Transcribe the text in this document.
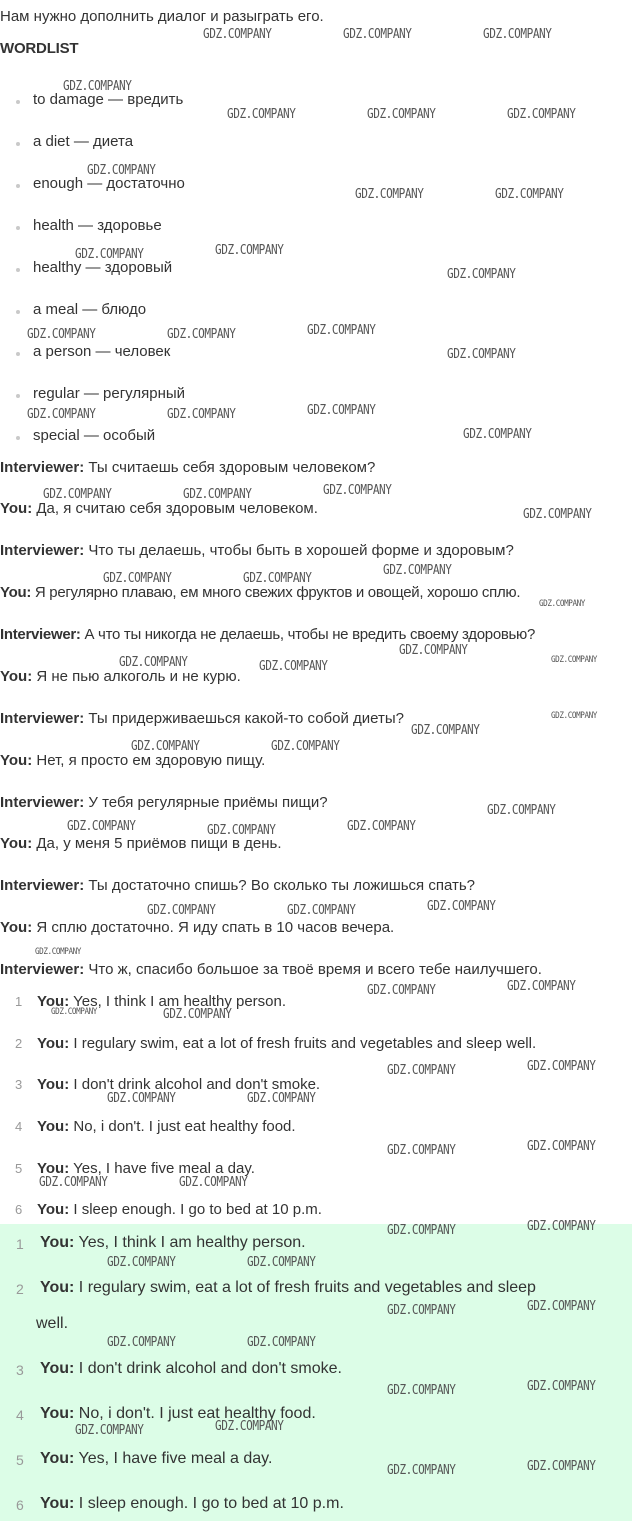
Нам нужно дополнить диалог и разыграть его.
WORDLIST
to damage — вредить
a diet — диета
enough — достаточно
health — здоровье
healthy — здоровый
a meal — блюдо
a person — человек
regular — регулярный
special — особый
Interviewer: Ты считаешь себя здоровым человеком?
You: Да, я считаю себя здоровым человеком.
Interviewer: Что ты делаешь, чтобы быть в хорошей форме и здоровым?
You: Я регулярно плаваю, ем много свежих фруктов и овощей, хорошо сплю.
Interviewer: А что ты никогда не делаешь, чтобы не вредить своему здоровью?
You: Я не пью алкоголь и не курю.
Interviewer: Ты придерживаешься какой-то собой диеты?
You: Нет, я просто ем здоровую пищу.
Interviewer: У тебя регулярные приёмы пищи?
You: Да, у меня 5 приёмов пищи в день.
Interviewer: Ты достаточно спишь? Во сколько ты ложишься спать?
You: Я сплю достаточно. Я иду спать в 10 часов вечера.
Interviewer: Что ж, спасибо большое за твоё время и всего тебе наилучшего.
1 You: Yes, I think I am healthy person.
2 You: I regulary swim, eat a lot of fresh fruits and vegetables and sleep well.
3 You: I don't drink alcohol and don't smoke.
4 You: No, i don't. I just eat healthy food.
5 You: Yes, I have five meal a day.
6 You: I sleep enough. I go to bed at 10 p.m.
1 You: Yes, I think I am healthy person.
2 You: I regulary swim, eat a lot of fresh fruits and vegetables and sleep
well.
3 You: I don't drink alcohol and don't smoke.
4 You: No, i don't. I just eat healthy food.
5 You: Yes, I have five meal a day.
6 You: I sleep enough. I go to bed at 10 p.m.
GDZ.COMPANY	GDZ.COMPANY	GDZ.COMPANY
GDZ.COMPANY
GDZ.COMPANY	GDZ.COMPANY	GDZ.COMPANY
GDZ.COMPANY
GDZ.COMPANY	GDZ.COMPANY
GDZ.COMPANY
GDZ.COMPANY
GDZ.COMPANY
GDZ.COMPANY
GDZ.COMPANY	GDZ.COMPANY
GDZ.COMPANY
GDZ.COMPANY
GDZ.COMPANY	GDZ.COMPANY
GDZ.COMPANY
GDZ.COMPANY
GDZ.COMPANY	GDZ.COMPANY
GDZ.COMPANY
GDZ.COMPANY
GDZ.COMPANY	GDZ.COMPANY
GDZ.COMPANY
GDZ.COMPANY
GDZ.COMPANY	GDZ.COMPANY
GDZ.COMPANY
GDZ.COMPANY
GDZ.COMPANY
GDZ.COMPANY	GDZ.COMPANY
GDZ.COMPANY
GDZ.COMPANY	GDZ.COMPANY
GDZ.COMPANY
GDZ.COMPANY
GDZ.COMPANY	GDZ.COMPANY
GDZ.COMPANY
GDZ.COMPANY
GDZ.COMPANY
GDZ.COMPANY	GDZ.COMPANY
GDZ.COMPANY
GDZ.COMPANY
GDZ.COMPANY	GDZ.COMPANY
GDZ.COMPANY
GDZ.COMPANY
GDZ.COMPANY	GDZ.COMPANY
GDZ.COMPANY
GDZ.COMPANY
GDZ.COMPANY	GDZ.COMPANY
GDZ.COMPANY
GDZ.COMPANY
GDZ.COMPANY	GDZ.COMPANY
GDZ.COMPANY
GDZ.COMPANY
GDZ.COMPANY
GDZ.COMPANY
GDZ.COMPANY
GDZ.COMPANY
